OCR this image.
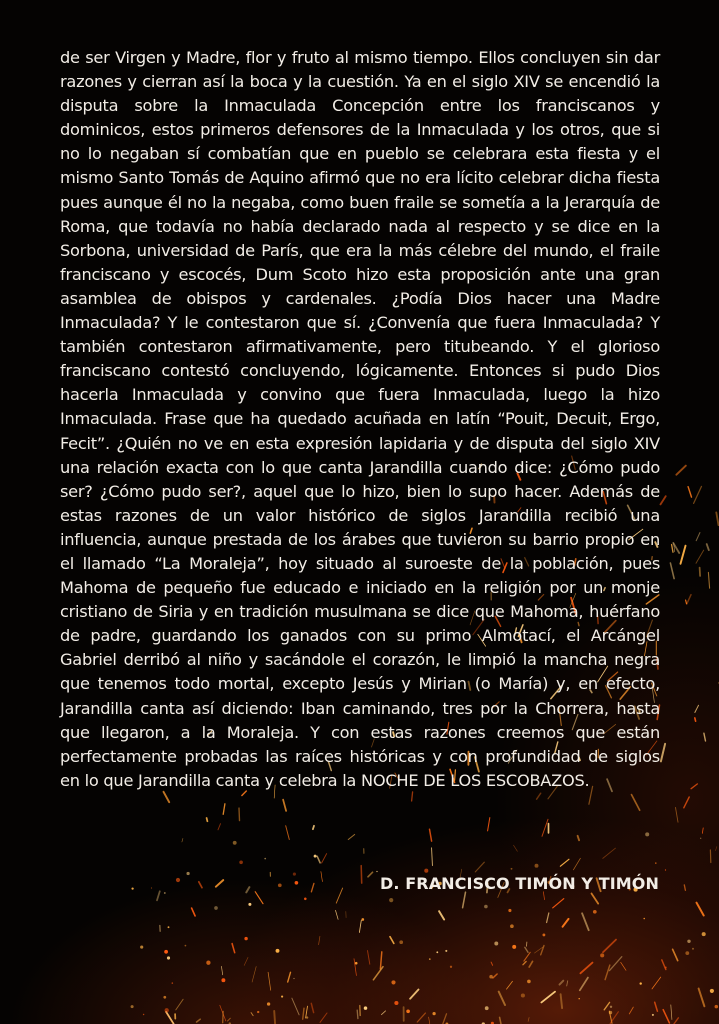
de ser Virgen y Madre, flor y fruto al mismo tiempo. Ellos concluyen sin dar razones y cierran así la boca y la cuestión. Ya en el siglo XIV se encendió la disputa sobre la Inmaculada Concepción entre los franciscanos y dominicos, estos primeros defensores de la Inmaculada y los otros, que si no lo negaban sí combatían que en pueblo se celebrara esta fiesta y el mismo Santo Tomás de Aquino afirmó que no era lícito celebrar dicha fiesta pues aunque él no la negaba, como buen fraile se sometía a la Jerarquía de Roma, que todavía no había declarado nada al respecto y se dice en la Sorbona, universidad de París, que era la más célebre del mundo, el fraile franciscano y escocés, Dum Scoto hizo esta proposición ante una gran asamblea de obispos y cardenales. ¿Podía Dios hacer una Madre Inmaculada? Y le contestaron que sí. ¿Convenía que fuera Inmaculada? Y también contestaron afirmativamente, pero titubeando. Y el glorioso franciscano contestó concluyendo, lógicamente. Entonces si pudo Dios hacerla Inmaculada y convino que fuera Inmaculada, luego la hizo Inmaculada. Frase que ha quedado acuñada en latín “Pouit, Decuit, Ergo, Fecit”. ¿Quién no ve en esta expresión lapidaria y de disputa del siglo XIV una relación exacta con lo que canta Jarandilla cuando dice: ¿Cómo pudo ser? ¿Cómo pudo ser?, aquel que lo hizo, bien lo supo hacer. Además de estas razones de un valor histórico de siglos Jarandilla recibió una influencia, aunque prestada de los árabes que tuvieron su barrio propio en el llamado “La Moraleja”, hoy situado al suroeste de la población, pues Mahoma de pequeño fue educado e iniciado en la religión por un monje cristiano de Siria y en tradición musulmana se dice que Mahoma, huérfano de padre, guardando los ganados con su primo Almotací, el Arcángel Gabriel derribó al niño y sacándole el corazón, le limpió la mancha negra que tenemos todo mortal, excepto Jesús y Mirian (o María) y, en efecto, Jarandilla canta así diciendo: Iban caminando, tres por la Chorrera, hasta que llegaron, a la Moraleja. Y con estas razones creemos que están perfectamente probadas las raíces históricas y con profundidad de siglos en lo que Jarandilla canta y celebra la NOCHE DE LOS ESCOBAZOS.

D. FRANCISCO TIMÓN Y TIMÓN
